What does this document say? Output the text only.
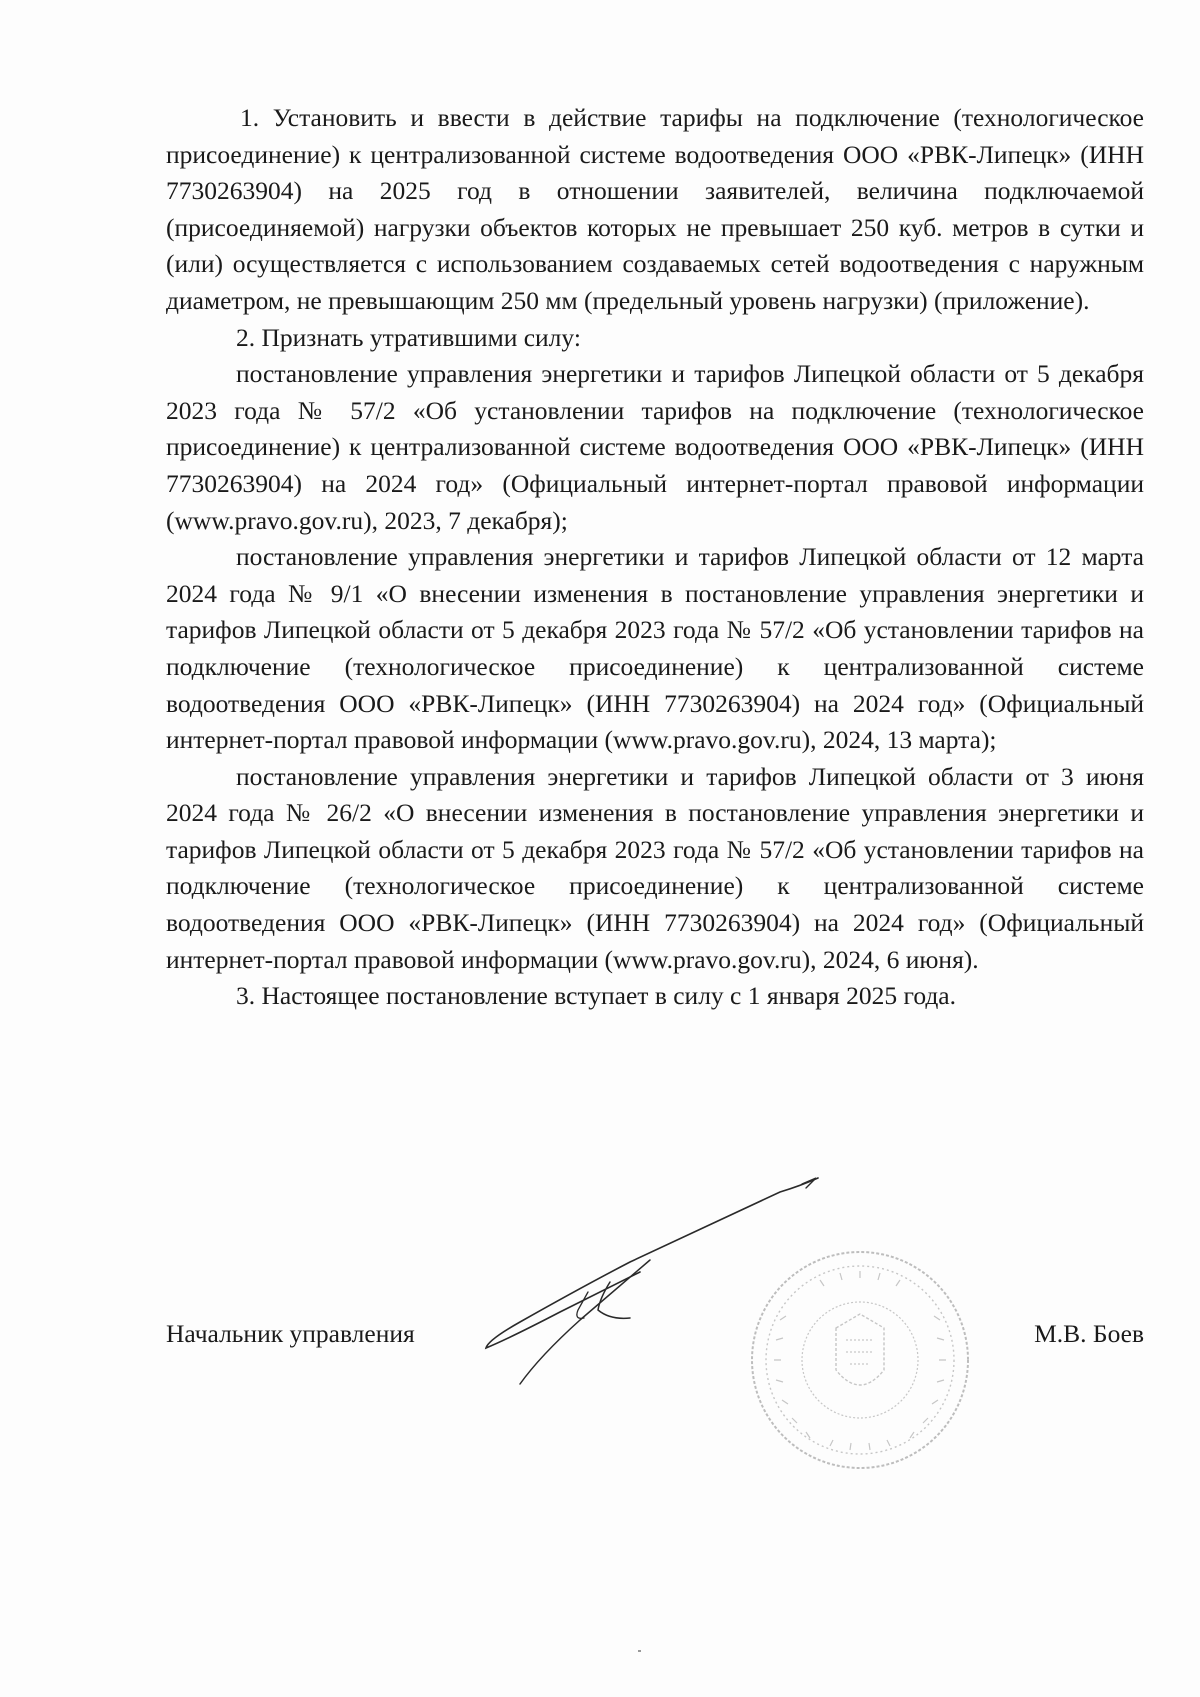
1. Установить и ввести в действие тарифы на подключение (технологическое присоединение) к централизованной системе водоотведения ООО «РВК-Липецк» (ИНН 7730263904) на 2025 год в отношении заявителей, величина подключаемой (присоединяемой) нагрузки объектов которых не превышает 250 куб. метров в сутки и (или) осуществляется с использованием создаваемых сетей водоотведения с наружным диаметром, не превышающим 250 мм (предельный уровень нагрузки) (приложение).

2. Признать утратившими силу:

постановление управления энергетики и тарифов Липецкой области от 5 декабря 2023 года № 57/2 «Об установлении тарифов на подключение (технологическое присоединение) к централизованной системе водоотведения ООО «РВК-Липецк» (ИНН 7730263904) на 2024 год» (Официальный интернет-портал правовой информации (www.pravo.gov.ru), 2023, 7 декабря);

постановление управления энергетики и тарифов Липецкой области от 12 марта 2024 года № 9/1 «О внесении изменения в постановление управления энергетики и тарифов Липецкой области от 5 декабря 2023 года № 57/2 «Об установлении тарифов на подключение (технологическое присоединение) к централизованной системе водоотведения ООО «РВК-Липецк» (ИНН 7730263904) на 2024 год» (Официальный интернет-портал правовой информации (www.pravo.gov.ru), 2024, 13 марта);

постановление управления энергетики и тарифов Липецкой области от 3 июня 2024 года № 26/2 «О внесении изменения в постановление управления энергетики и тарифов Липецкой области от 5 декабря 2023 года № 57/2 «Об установлении тарифов на подключение (технологическое присоединение) к централизованной системе водоотведения ООО «РВК-Липецк» (ИНН 7730263904) на 2024 год» (Официальный интернет-портал правовой информации (www.pravo.gov.ru), 2024, 6 июня).

3. Настоящее постановление вступает в силу с 1 января 2025 года.

Начальник управления	М.В. Боев
